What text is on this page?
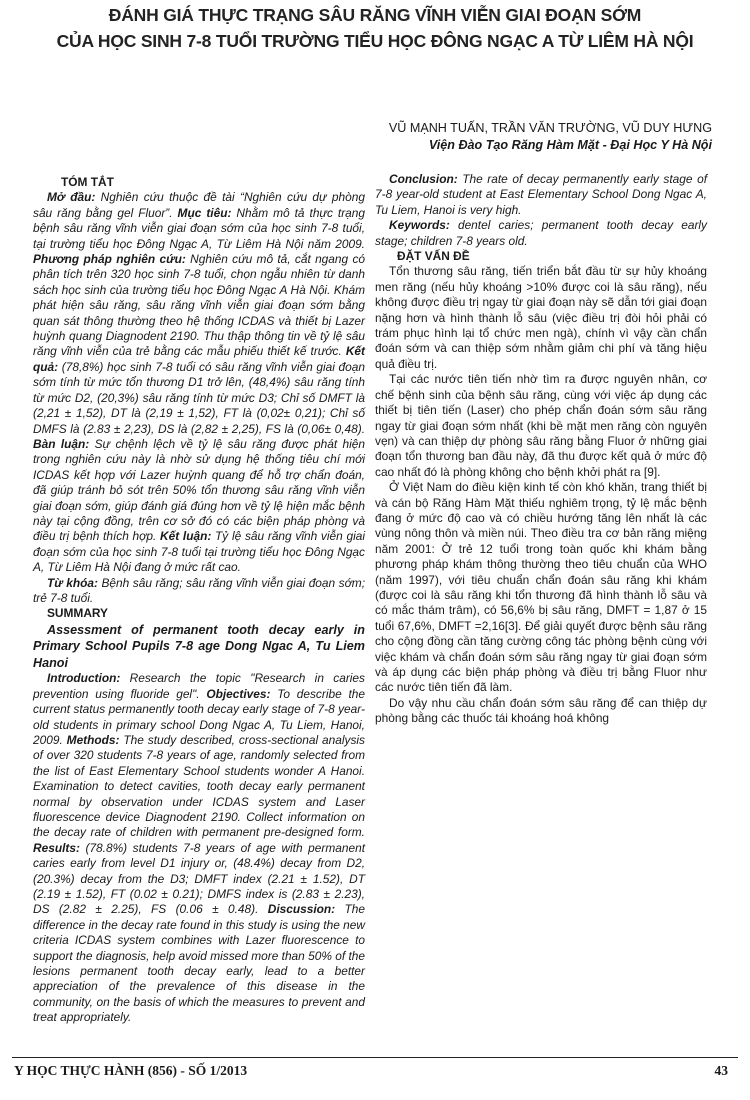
ĐÁNH GIÁ THỰC TRẠNG SÂU RĂNG VĨNH VIỄN GIAI ĐOẠN SỚM
CỦA HỌC SINH 7-8 TUỔI TRƯỜNG TIỂU HỌC ĐÔNG NGẠC A TỪ LIÊM HÀ NỘI
VŨ MẠNH TUẤN, TRẦN VĂN TRƯỜNG, VŨ DUY HƯNG
Viện Đào Tạo Răng Hàm Mặt - Đại Học Y Hà Nội

TÓM TẮT

Mở đầu: Nghiên cứu thuộc đề tài “Nghiên cứu dự phòng sâu răng bằng gel Fluor”. Mục tiêu: Nhằm mô tả thực trạng bệnh sâu răng vĩnh viễn giai đoạn sớm của học sinh 7-8 tuổi, tại trường tiểu học Đông Ngạc A, Từ Liêm Hà Nội năm 2009. Phương pháp nghiên cứu: Nghiên cứu mô tả, cắt ngang có phân tích trên 320 học sinh 7-8 tuổi, chọn ngẫu nhiên từ danh sách học sinh của trường tiểu học Đông Ngạc A Hà Nội. Khám phát hiện sâu răng, sâu răng vĩnh viễn giai đoạn sớm bằng quan sát thông thường theo hệ thống ICDAS và thiết bị Lazer huỳnh quang Diagnodent 2190. Thu thập thông tin về tỷ lệ sâu răng vĩnh viễn của trẻ bằng các mẫu phiếu thiết kế trước. Kết quả: (78,8%) học sinh 7-8 tuổi có sâu răng vĩnh viễn giai đoạn sớm tính từ mức tổn thương D1 trở lên, (48,4%) sâu răng tính từ mức D2, (20,3%) sâu răng tính từ mức D3; Chỉ số DMFT là (2,21 ± 1,52), DT là (2,19 ± 1,52), FT là (0,02± 0,21); Chỉ số DMFS là (2.83 ± 2,23), DS là (2,82 ± 2,25), FS là (0,06± 0,48). Bàn luận: Sự chệnh lệch về tỷ lệ sâu răng được phát hiện trong nghiên cứu này là nhờ sử dụng hệ thống tiêu chí mới ICDAS kết hợp với Lazer huỳnh quang để hỗ trợ chẩn đoán, đã giúp tránh bỏ sót trên 50% tổn thương sâu răng vĩnh viễn giai đoạn sớm, giúp đánh giá đúng hơn về tỷ lệ hiện mắc bệnh này tại cộng đồng, trên cơ sở đó có các biện pháp phòng và điều trị bệnh thích hợp. Kết luận: Tỷ lệ sâu răng vĩnh viễn giai đoạn sớm của học sinh 7-8 tuổi tại trường tiểu học Đông Ngạc A, Từ Liêm Hà Nội đang ở mức rất cao.

Từ khóa: Bệnh sâu răng; sâu răng vĩnh viễn giai đoạn sớm; trẻ 7-8 tuổi.

SUMMARY

Assessment of permanent tooth decay early in Primary School Pupils 7-8 age Dong Ngac A, Tu Liem Hanoi

Introduction: Research the topic "Research in caries prevention using fluoride gel". Objectives: To describe the current status permanently tooth decay early stage of 7-8 year-old students in primary school Dong Ngac A, Tu Liem, Hanoi, 2009. Methods: The study described, cross-sectional analysis of over 320 students 7-8 years of age, randomly selected from the list of East Elementary School students wonder A Hanoi. Examination to detect cavities, tooth decay early permanent normal by observation under ICDAS system and Laser fluorescence device Diagnodent 2190. Collect information on the decay rate of children with permanent pre-designed form. Results: (78.8%) students 7-8 years of age with permanent caries early from level D1 injury or, (48.4%) decay from D2, (20.3%) decay from the D3; DMFT index (2.21 ± 1.52), DT (2.19 ± 1.52), FT (0.02 ± 0.21); DMFS index is (2.83 ± 2.23), DS (2.82 ± 2.25), FS (0.06 ± 0.48). Discussion: The difference in the decay rate found in this study is using the new criteria ICDAS system combines with Lazer fluorescence to support the diagnosis, help avoid missed more than 50% of the lesions permanent tooth decay early, lead to a better appreciation of the prevalence of this disease in the community, on the basis of which the measures to prevent and treat appropriately.

Conclusion: The rate of decay permanently early stage of 7-8 year-old student at East Elementary School Dong Ngac A, Tu Liem, Hanoi is very high.

Keywords: dentel caries; permanent tooth decay early stage; children 7-8 years old.

ĐẶT VẤN ĐỀ

Tổn thương sâu răng, tiến triển bắt đầu từ sự hủy khoáng men răng (nếu hủy khoáng >10% được coi là sâu răng), nếu không được điều trị ngay từ giai đoạn này sẽ dẫn tới giai đoạn nặng hơn và hình thành lỗ sâu (việc điều trị đòi hỏi phải có trám phục hình lại tổ chức men ngà), chính vì vậy cần chẩn đoán sớm và can thiệp sớm nhằm giảm chi phí và tăng hiệu quả điều trị.

Tại các nước tiên tiến nhờ tìm ra được nguyên nhân, cơ chế bệnh sinh của bệnh sâu răng, cùng với việc áp dụng các thiết bị tiên tiến (Laser) cho phép chẩn đoán sớm sâu răng ngay từ giai đoạn sớm nhất (khi bề mặt men răng còn nguyên vẹn) và can thiệp dự phòng sâu răng bằng Fluor ở những giai đoạn tổn thương ban đầu này, đã thu được kết quả ở mức độ cao nhất đó là phòng không cho bệnh khởi phát ra [9].

Ở Việt Nam do điều kiện kinh tế còn khó khăn, trang thiết bị và cán bộ Răng Hàm Mặt thiếu nghiêm trọng, tỷ lệ mắc bệnh đang ở mức độ cao và có chiều hướng tăng lên nhất là các vùng nông thôn và miền núi. Theo điều tra cơ bản răng miệng năm 2001: Ở trẻ 12 tuổi trong toàn quốc khi khám bằng phương pháp khám thông thường theo tiêu chuẩn của WHO (năm 1997), với tiêu chuẩn chẩn đoán sâu răng khi khám (được coi là sâu răng khi tổn thương đã hình thành lỗ sâu và có mắc thám trâm), có 56,6% bị sâu răng, DMFT = 1,87 ở 15 tuổi 67,6%, DMFT =2,16[3]. Để giải quyết được bệnh sâu răng cho cộng đồng cần tăng cường công tác phòng bệnh cùng với việc khám và chẩn đoán sớm sâu răng ngay từ giai đoạn sớm và áp dụng các biện pháp phòng và điều trị bằng Fluor như các nước tiên tiến đã làm.

Do vậy nhu cầu chẩn đoán sớm sâu răng để can thiệp dự phòng bằng các thuốc tái khoáng hoá không

Y HỌC THỰC HÀNH (856) - SỐ 1/2013	43
